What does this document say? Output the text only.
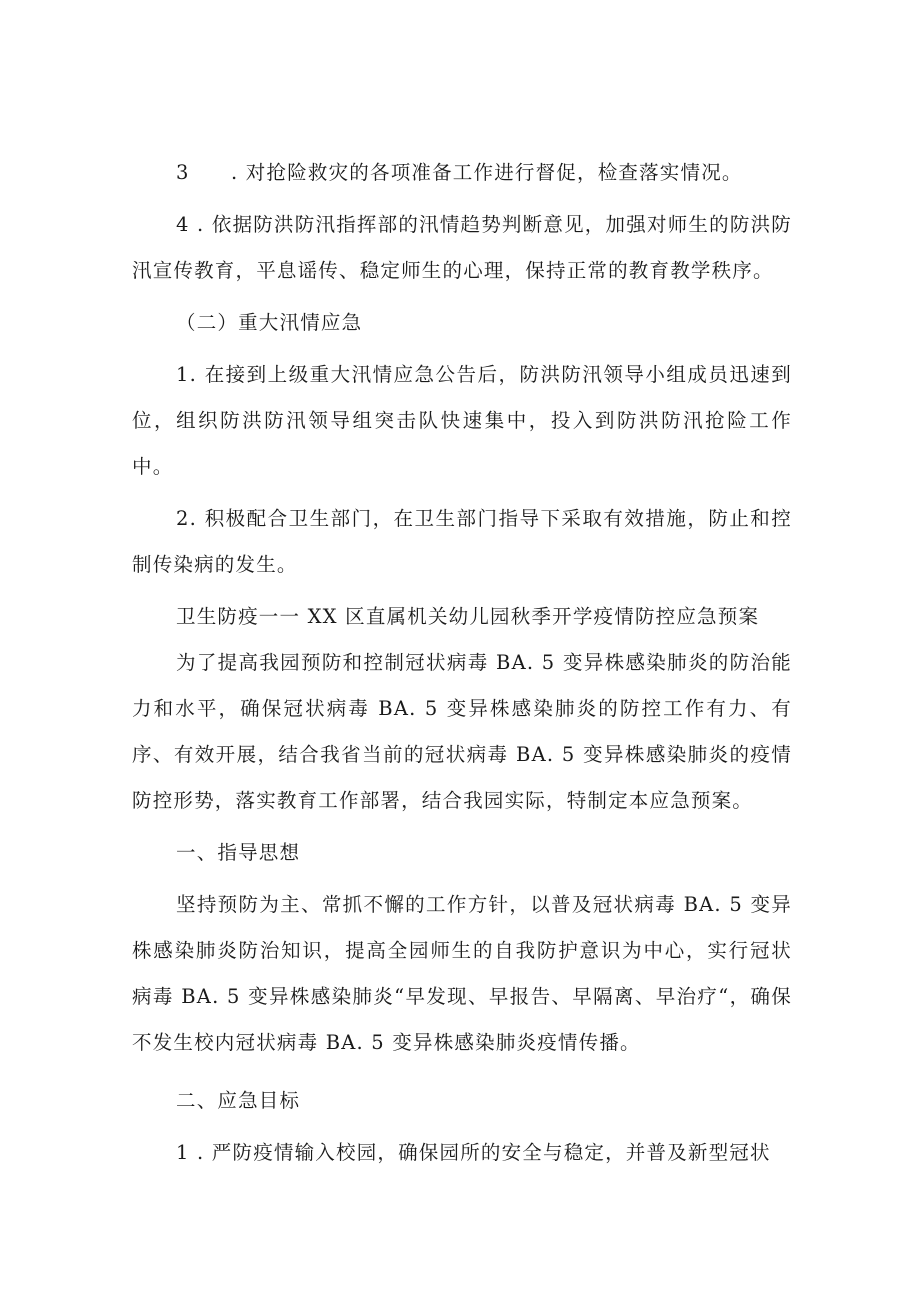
3　　. 对抢险救灾的各项准备工作进行督促，检查落实情况。

4 . 依据防洪防汛指挥部的汛情趋势判断意见，加强对师生的防洪防汛宣传教育，平息谣传、稳定师生的心理，保持正常的教育教学秩序。

（二）重大汛情应急

1. 在接到上级重大汛情应急公告后，防洪防汛领导小组成员迅速到位，组织防洪防汛领导组突击队快速集中，投入到防洪防汛抢险工作中。

2. 积极配合卫生部门，在卫生部门指导下采取有效措施，防止和控制传染病的发生。

卫生防疫一一 XX 区直属机关幼儿园秋季开学疫情防控应急预案

为了提高我园预防和控制冠状病毒 BA. 5 变异株感染肺炎的防治能力和水平，确保冠状病毒 BA. 5 变异株感染肺炎的防控工作有力、有序、有效开展，结合我省当前的冠状病毒 BA. 5 变异株感染肺炎的疫情防控形势，落实教育工作部署，结合我园实际，特制定本应急预案。

一、指导思想

坚持预防为主、常抓不懈的工作方针，以普及冠状病毒 BA. 5 变异株感染肺炎防治知识，提高全园师生的自我防护意识为中心，实行冠状病毒 BA. 5 变异株感染肺炎“早发现、早报告、早隔离、早治疗“，确保不发生校内冠状病毒 BA. 5 变异株感染肺炎疫情传播。

二、应急目标

1 . 严防疫情输入校园，确保园所的安全与稳定，并普及新型冠状
